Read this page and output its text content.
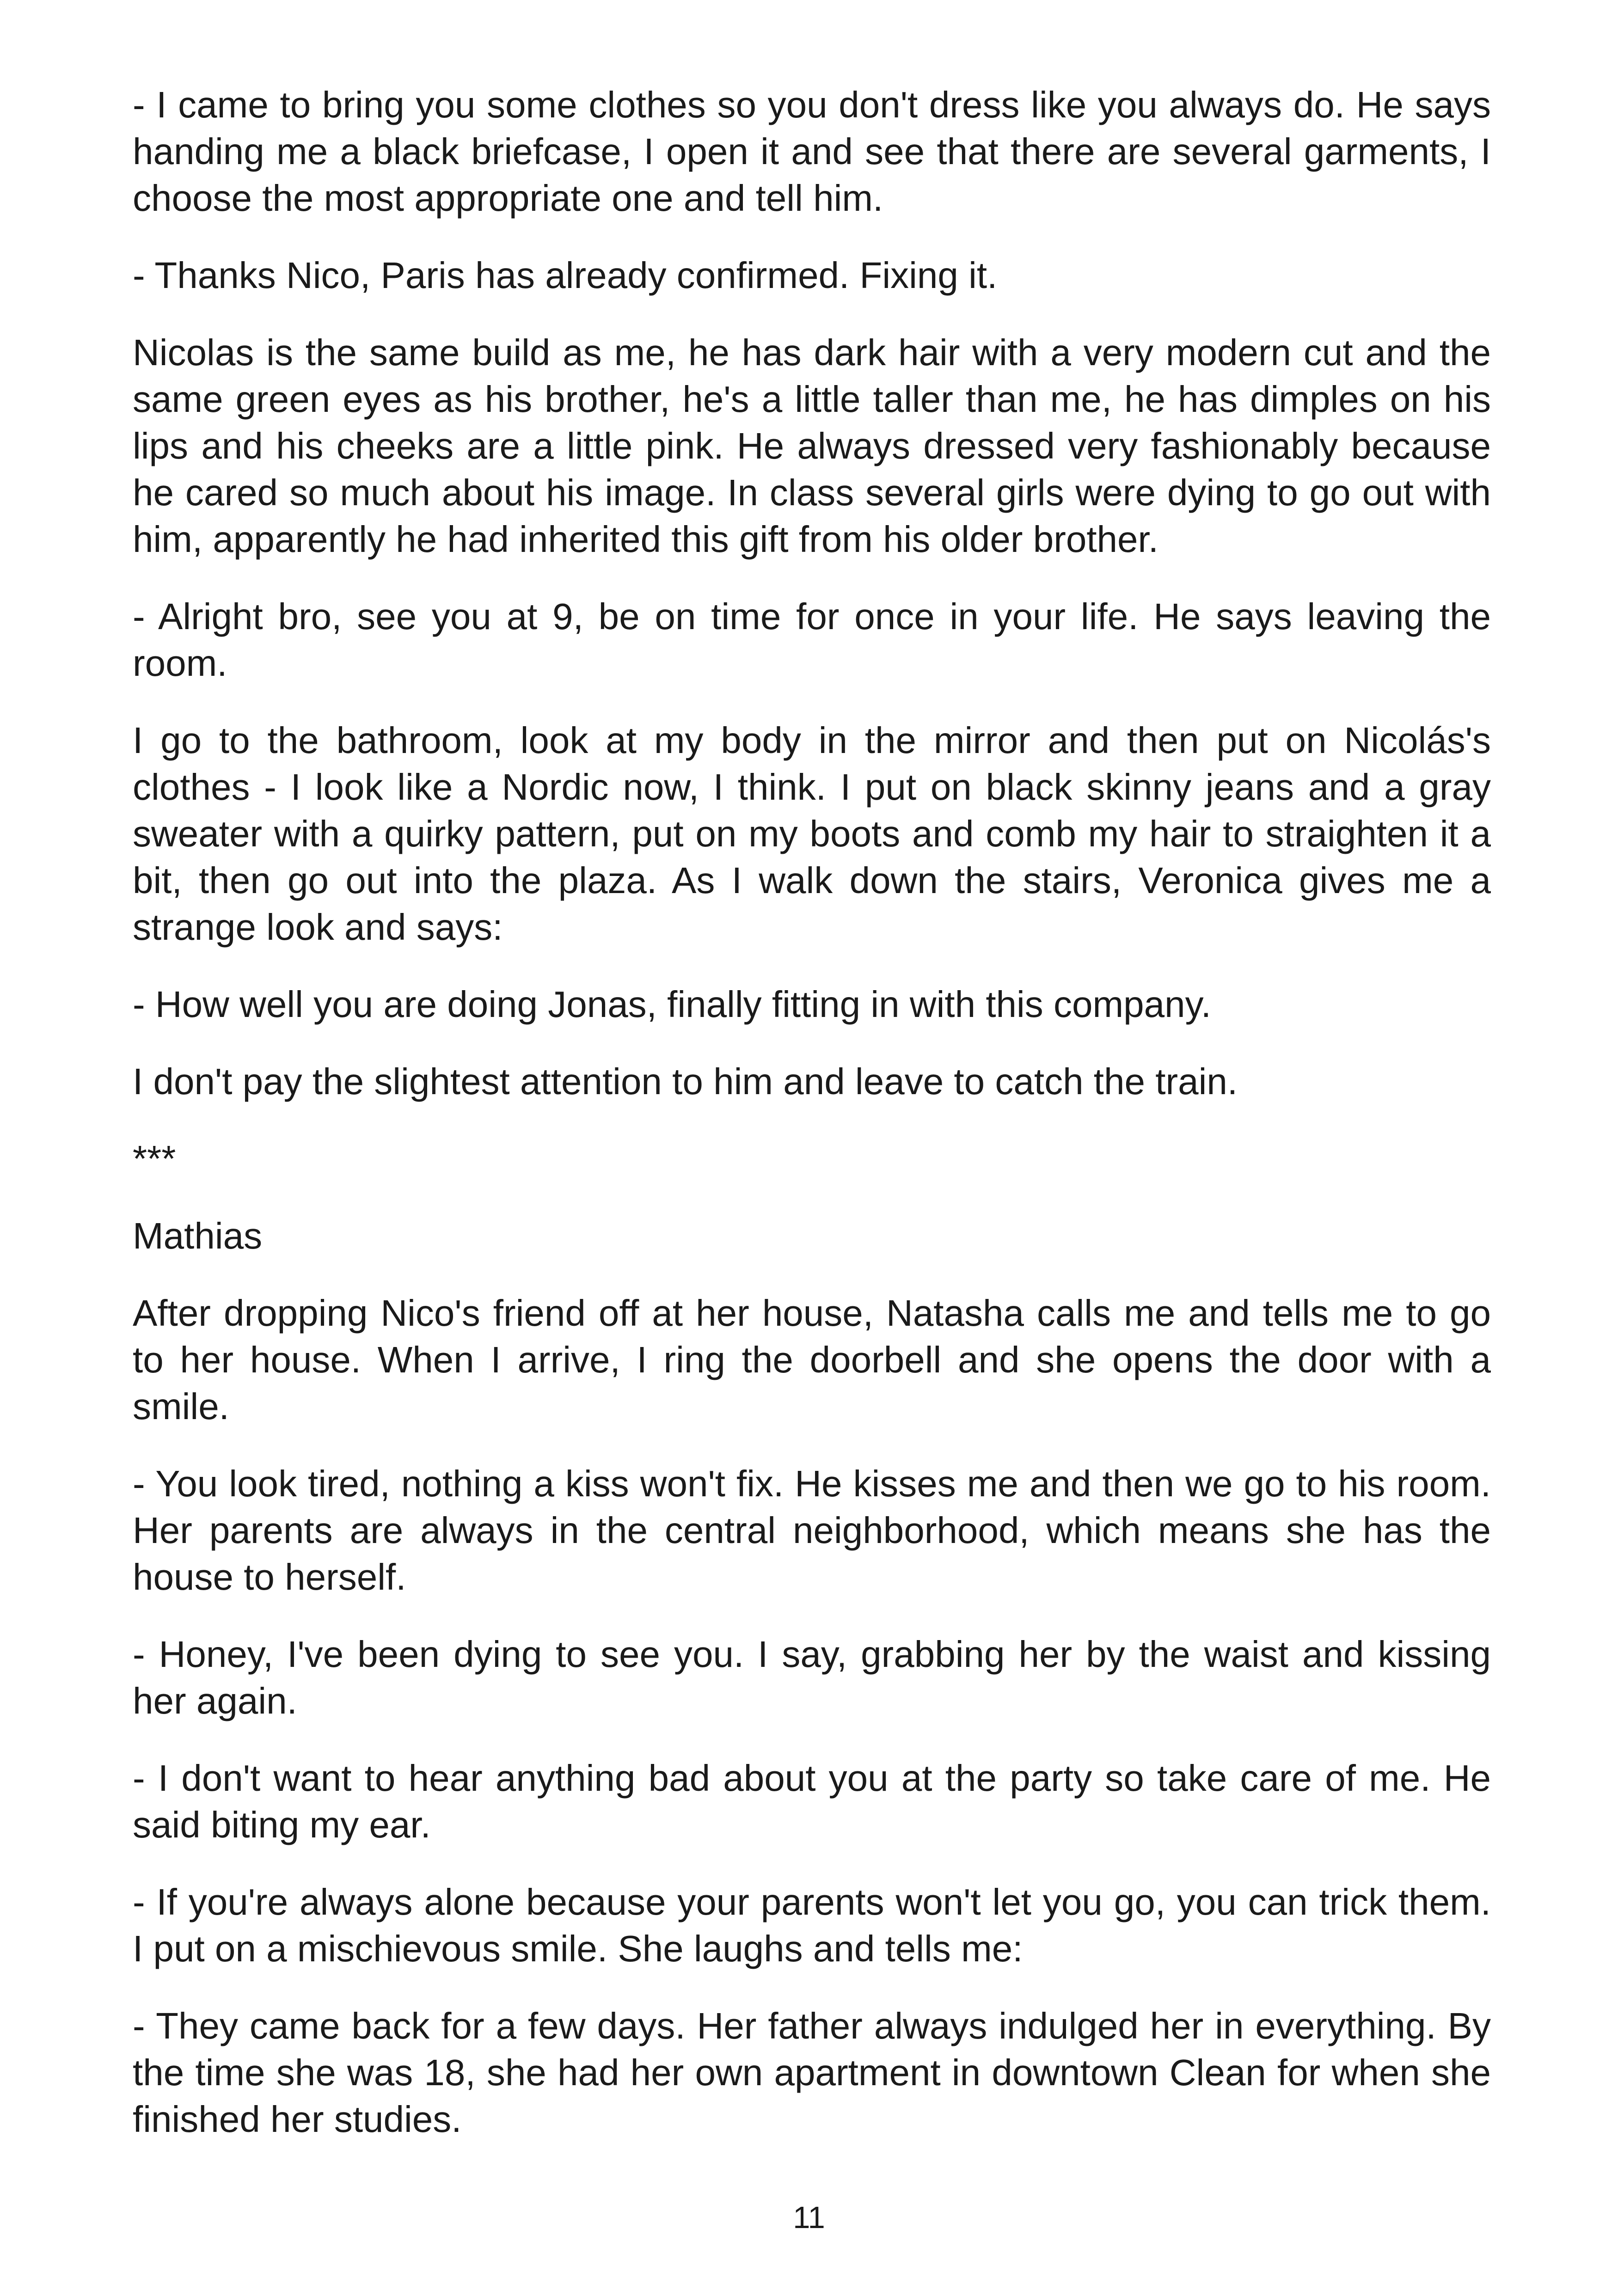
- I came to bring you some clothes so you don't dress like you always do. He says handing me a black briefcase, I open it and see that there are several garments, I choose the most appropriate one and tell him.

- Thanks Nico, Paris has already confirmed. Fixing it.

Nicolas is the same build as me, he has dark hair with a very modern cut and the same green eyes as his brother, he's a little taller than me, he has dimples on his lips and his cheeks are a little pink. He always dressed very fashionably because he cared so much about his image. In class several girls were dying to go out with him, apparently he had inherited this gift from his older brother.

- Alright bro, see you at 9, be on time for once in your life. He says leaving the room.

I go to the bathroom, look at my body in the mirror and then put on Nicolás's clothes - I look like a Nordic now, I think. I put on black skinny jeans and a gray sweater with a quirky pattern, put on my boots and comb my hair to straighten it a bit, then go out into the plaza. As I walk down the stairs, Veronica gives me a strange look and says:

- How well you are doing Jonas, finally fitting in with this company.

I don't pay the slightest attention to him and leave to catch the train.

***

Mathias

After dropping Nico's friend off at her house, Natasha calls me and tells me to go to her house. When I arrive, I ring the doorbell and she opens the door with a smile.

- You look tired, nothing a kiss won't fix. He kisses me and then we go to his room. Her parents are always in the central neighborhood, which means she has the house to herself.

- Honey, I've been dying to see you. I say, grabbing her by the waist and kissing her again.

- I don't want to hear anything bad about you at the party so take care of me. He said biting my ear.

- If you're always alone because your parents won't let you go, you can trick them. I put on a mischievous smile. She laughs and tells me:

- They came back for a few days. Her father always indulged her in everything. By the time she was 18, she had her own apartment in downtown Clean for when she finished her studies.

11
